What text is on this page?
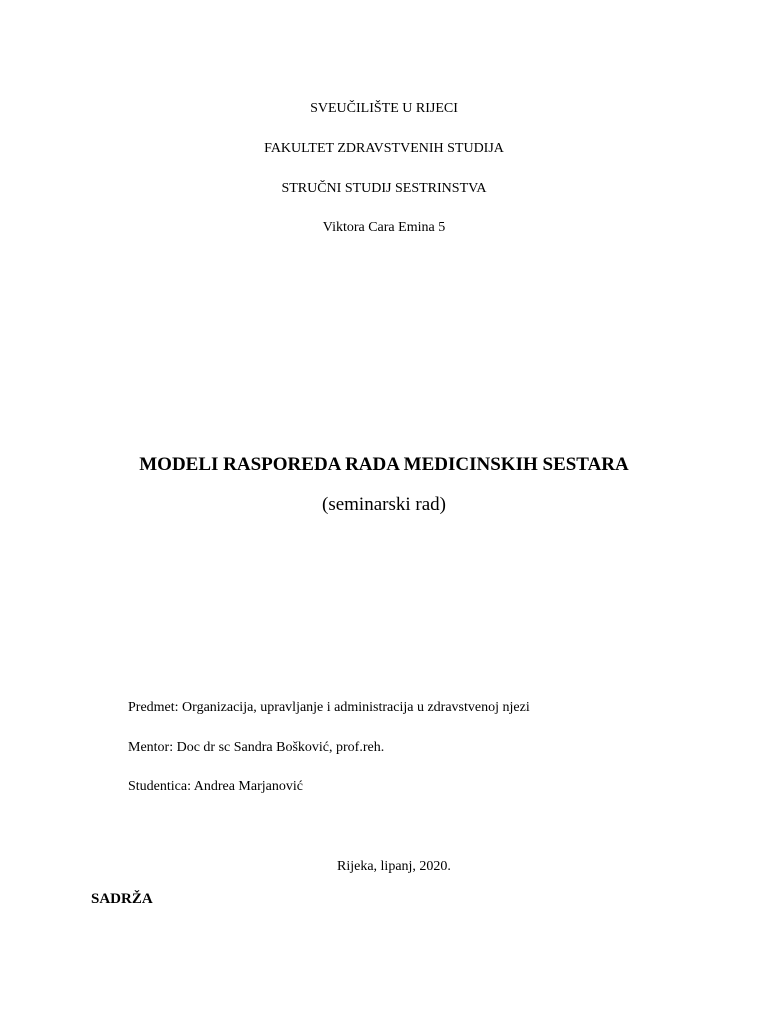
SVEUČILIŠTE U RIJECI
FAKULTET ZDRAVSTVENIH STUDIJA
STRUČNI STUDIJ SESTRINSTVA
Viktora Cara Emina 5
MODELI RASPOREDA RADA MEDICINSKIH SESTARA
(seminarski rad)
Predmet: Organizacija, upravljanje i administracija u zdravstvenoj njezi
Mentor: Doc dr sc Sandra Bošković, prof.reh.
Studentica: Andrea Marjanović
Rijeka, lipanj, 2020.
SADRŽA
